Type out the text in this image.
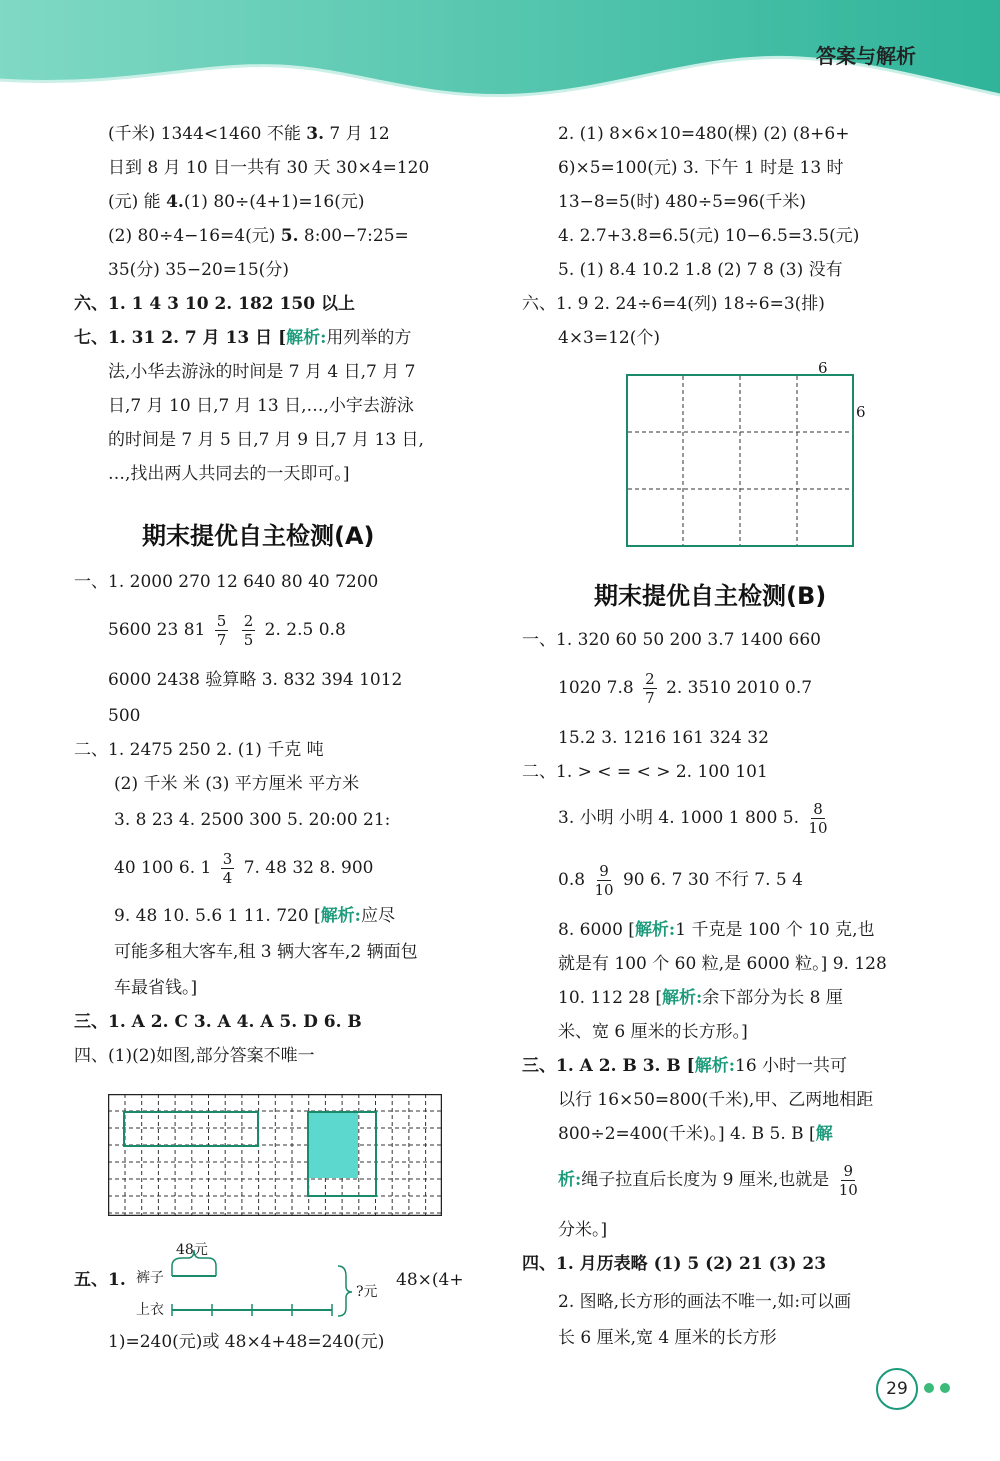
答案与解析
(千米) 1344<1460 不能 3. 7 月 12
日到 8 月 10 日一共有 30 天 30×4=120
(元) 能 4.(1) 80÷(4+1)=16(元)
(2) 80÷4−16=4(元) 5. 8:00−7:25=
35(分) 35−20=15(分)
六、1. 1 4 3 10 2. 182 150 以上
七、1. 31 2. 7 月 13 日 [解析:用列举的方
法,小华去游泳的时间是 7 月 4 日,7 月 7
日,7 月 10 日,7 月 13 日,…,小宇去游泳
的时间是 7 月 5 日,7 月 9 日,7 月 13 日,
…,找出两人共同去的一天即可。]
期末提优自主检测(A)
一、1. 2000 270 12 640 80 40 7200
5600 23 $81 \frac{5}{7}$
$\frac{2}{5} 2$. 2.5 0.8
6000 2438 验算略 3. 832 394 1012
500
二、1. 2475 250 2. (1) 千克 吨
(2) 千米 米 (3) 平方厘米 平方米
3. 8 23 4. 2500 300 5. 20:00 21:
40 100 6. $1 \frac{3}{4} 7$. 48 32 8. 900
9. 48 10. 5.6 1 11. 720 [解析:应尽
可能多租大客车,租 3 辆大客车,2 辆面包
车最省钱。]
三、1. A 2. C 3. A 4. A 5. D 6. B
四、(1)(2)如图,部分答案不唯一
五、1.
48元
裤子
上衣
?元
48×(4+
1)=240(元)或 48×4+48=240(元)
2. (1) 8×6×10=480(棵) (2) (8+6+
6)×5=100(元) 3. 下午 1 时是 13 时
13−8=5(时) 480÷5=96(千米)
4. 2.7+3.8=6.5(元) 10−6.5=3.5(元)
5. (1) 8.4 10.2 1.8 (2) 7 8 (3) 没有
六、1. 9 2. 24÷6=4(列) 18÷6=3(排)
4×3=12(个)
6
6
期末提优自主检测(B)
一、1. 320 60 50 200 3.7 1400 660
1020 $7.8 \frac{2}{7} 2$. 3510 2010 0.7
15.2 3. 1216 161 324 32
二、1. > < = < > 2. 100 101
3. 小明 小明 4. 1000 1 800 5. $\frac{8}{10}$
$0.8 \frac{9}{10} 90$ 6. 7 30 不行 7. 5 4
8. 6000 [解析:1 千克是 100 个 10 克,也
就是有 100 个 60 粒,是 6000 粒。] 9. 128
10. 112 28 [解析:余下部分为长 8 厘
米、宽 6 厘米的长方形。]
三、1. A 2. B 3. B [解析:16 小时一共可
以行 16×50=800(千米),甲、乙两地相距
800÷2=400(千米)。] 4. B 5. B [解
析:绳子拉直后长度为 9 厘米,也就是 $\frac{9}{10}$
分米。]
四、1. 月历表略 (1) 5 (2) 21 (3) 23
2. 图略,长方形的画法不唯一,如:可以画
长 6 厘米,宽 4 厘米的长方形
29
